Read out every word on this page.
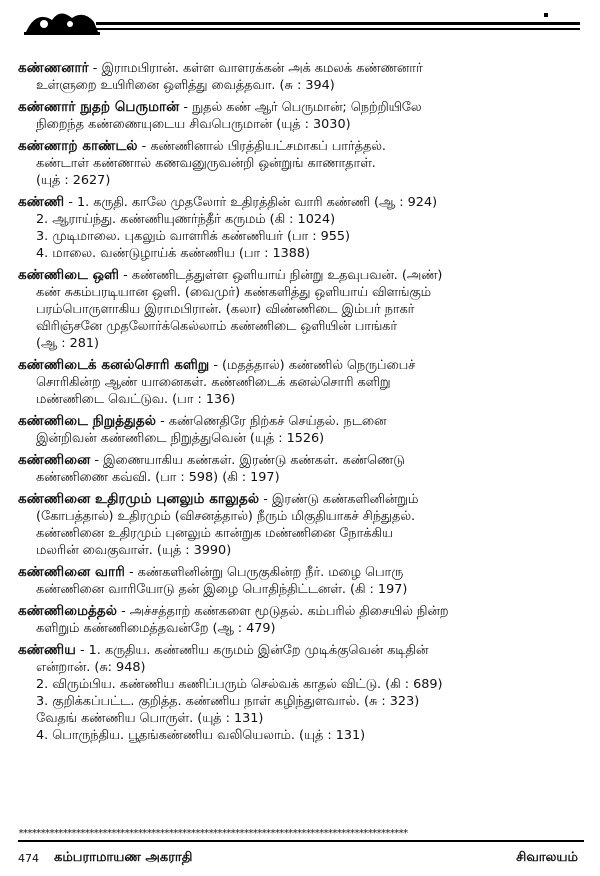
கண்ணனார் - இராமபிரான். கள்ள வாளரக்கன் அக் கமலக் கண்ணனார்
உள்ளுறை உயிரினை ஒளித்து வைத்தவா. (சு : 394)
கண்ணார் நுதற் பெருமான் - நுதல் கண் ஆர் பெருமான்; நெற்றியிலே
நிறைந்த கண்ணையுடைய சிவபெருமான் (யுத் : 3030)
கண்ணாற் காண்டல் - கண்ணினால் பிரத்தியட்சமாகப் பார்த்தல்.
கண்டாள் கண்ணால் கணவனுருவன்றி ஒன்றுங் காணாதாள்.
(யுத் : 2627)
கண்ணி - 1. கருதி. காலே முதலோர் உதிரத்தின் வாரி கண்ணி (ஆ : 924)
2. ஆராய்ந்து. கண்ணியுணர்ந்தீர் கருமம் (கி : 1024)
3. முடிமாலை. புகலும் வாளரிக் கண்ணியர் (பா : 955)
4. மாலை. வண்டுழாய்க் கண்ணிய (பா : 1388)
கண்ணிடை ஒளி - கண்ணிடத்துள்ள ஒளியாய் நின்று உதவுபவன். (அண்)
கண் சுகம்பரடியான ஒளி. (வைமுர்) கண்களித்து ஒளியாய் விளங்கும்
பரம்பொருளாகிய இராமபிரான். (கலா) விண்ணிடை இம்பர் நாகர்
விரிஞ்சனே முதலோர்க்கெல்லாம் கண்ணிடை ஒளியின் பாங்கர்
(ஆ : 281)
கண்ணிடைக் கனல்சொரி களிறு - (மதத்தால்) கண்ணில் நெருப்பைச்
சொரிகின்ற ஆண் யானைகள். கண்ணிடைக் கனல்சொரி களிறு
மண்ணிடை வெட்டுவ. (பா : 136)
கண்ணிடை நிறுத்துதல் - கண்ணெதிரே நிற்கச் செய்தல். நடனை
இன்றிவன் கண்ணிடை நிறுத்துவென் (யுத் : 1526)
கண்ணினை - இணையாகிய கண்கள். இரண்டு கண்கள். கண்ணெடு
கண்ணிணை கவ்வி. (பா : 598) (கி : 197)
கண்ணினை உதிரமும் புனலும் காலுதல் - இரண்டு கண்களினின்றும்
(கோபத்தால்) உதிரமும் (விசனத்தால்) நீரும் மிகுதியாகச் சிந்துதல்.
கண்ணினை உதிரமும் புனலும் கான்றுக மண்ணினை நோக்கிய
மலரின் வைகுவாள். (யுத் : 3990)
கண்ணினை வாரி - கண்களினின்று பெருகுகின்ற நீர். மழை பொரு
கண்ணினை வாரியோடு தன் இழை பொதிந்திட்டனள். (கி : 197)
கண்ணிமைத்தல் - அச்சத்தாற் கண்களை மூடுதல். கம்பரில் திசையில் நின்ற
களிறும் கண்ணிமைத்தவன்றே (ஆ : 479)
கண்ணிய - 1. கருதிய. கண்ணிய கருமம் இன்றே முடிக்குவென் கடிதின்
என்றான். (சு: 948)
2. விரும்பிய. கண்ணிய கணிப்பரும் செல்வக் காதல் விட்டு. (கி : 689)
3. குறிக்கப்பட்ட. குறித்த. கண்ணிய நாள் கழிந்துளவால். (சு : 323)
வேதங் கண்ணிய பொருள். (யுத் : 131)
4. பொருந்திய. பூதங்கண்ணிய வலியெலாம். (யுத் : 131)
****************************************************************************************
474 கம்பராமாயண அகராதி	சிவாலயம்
